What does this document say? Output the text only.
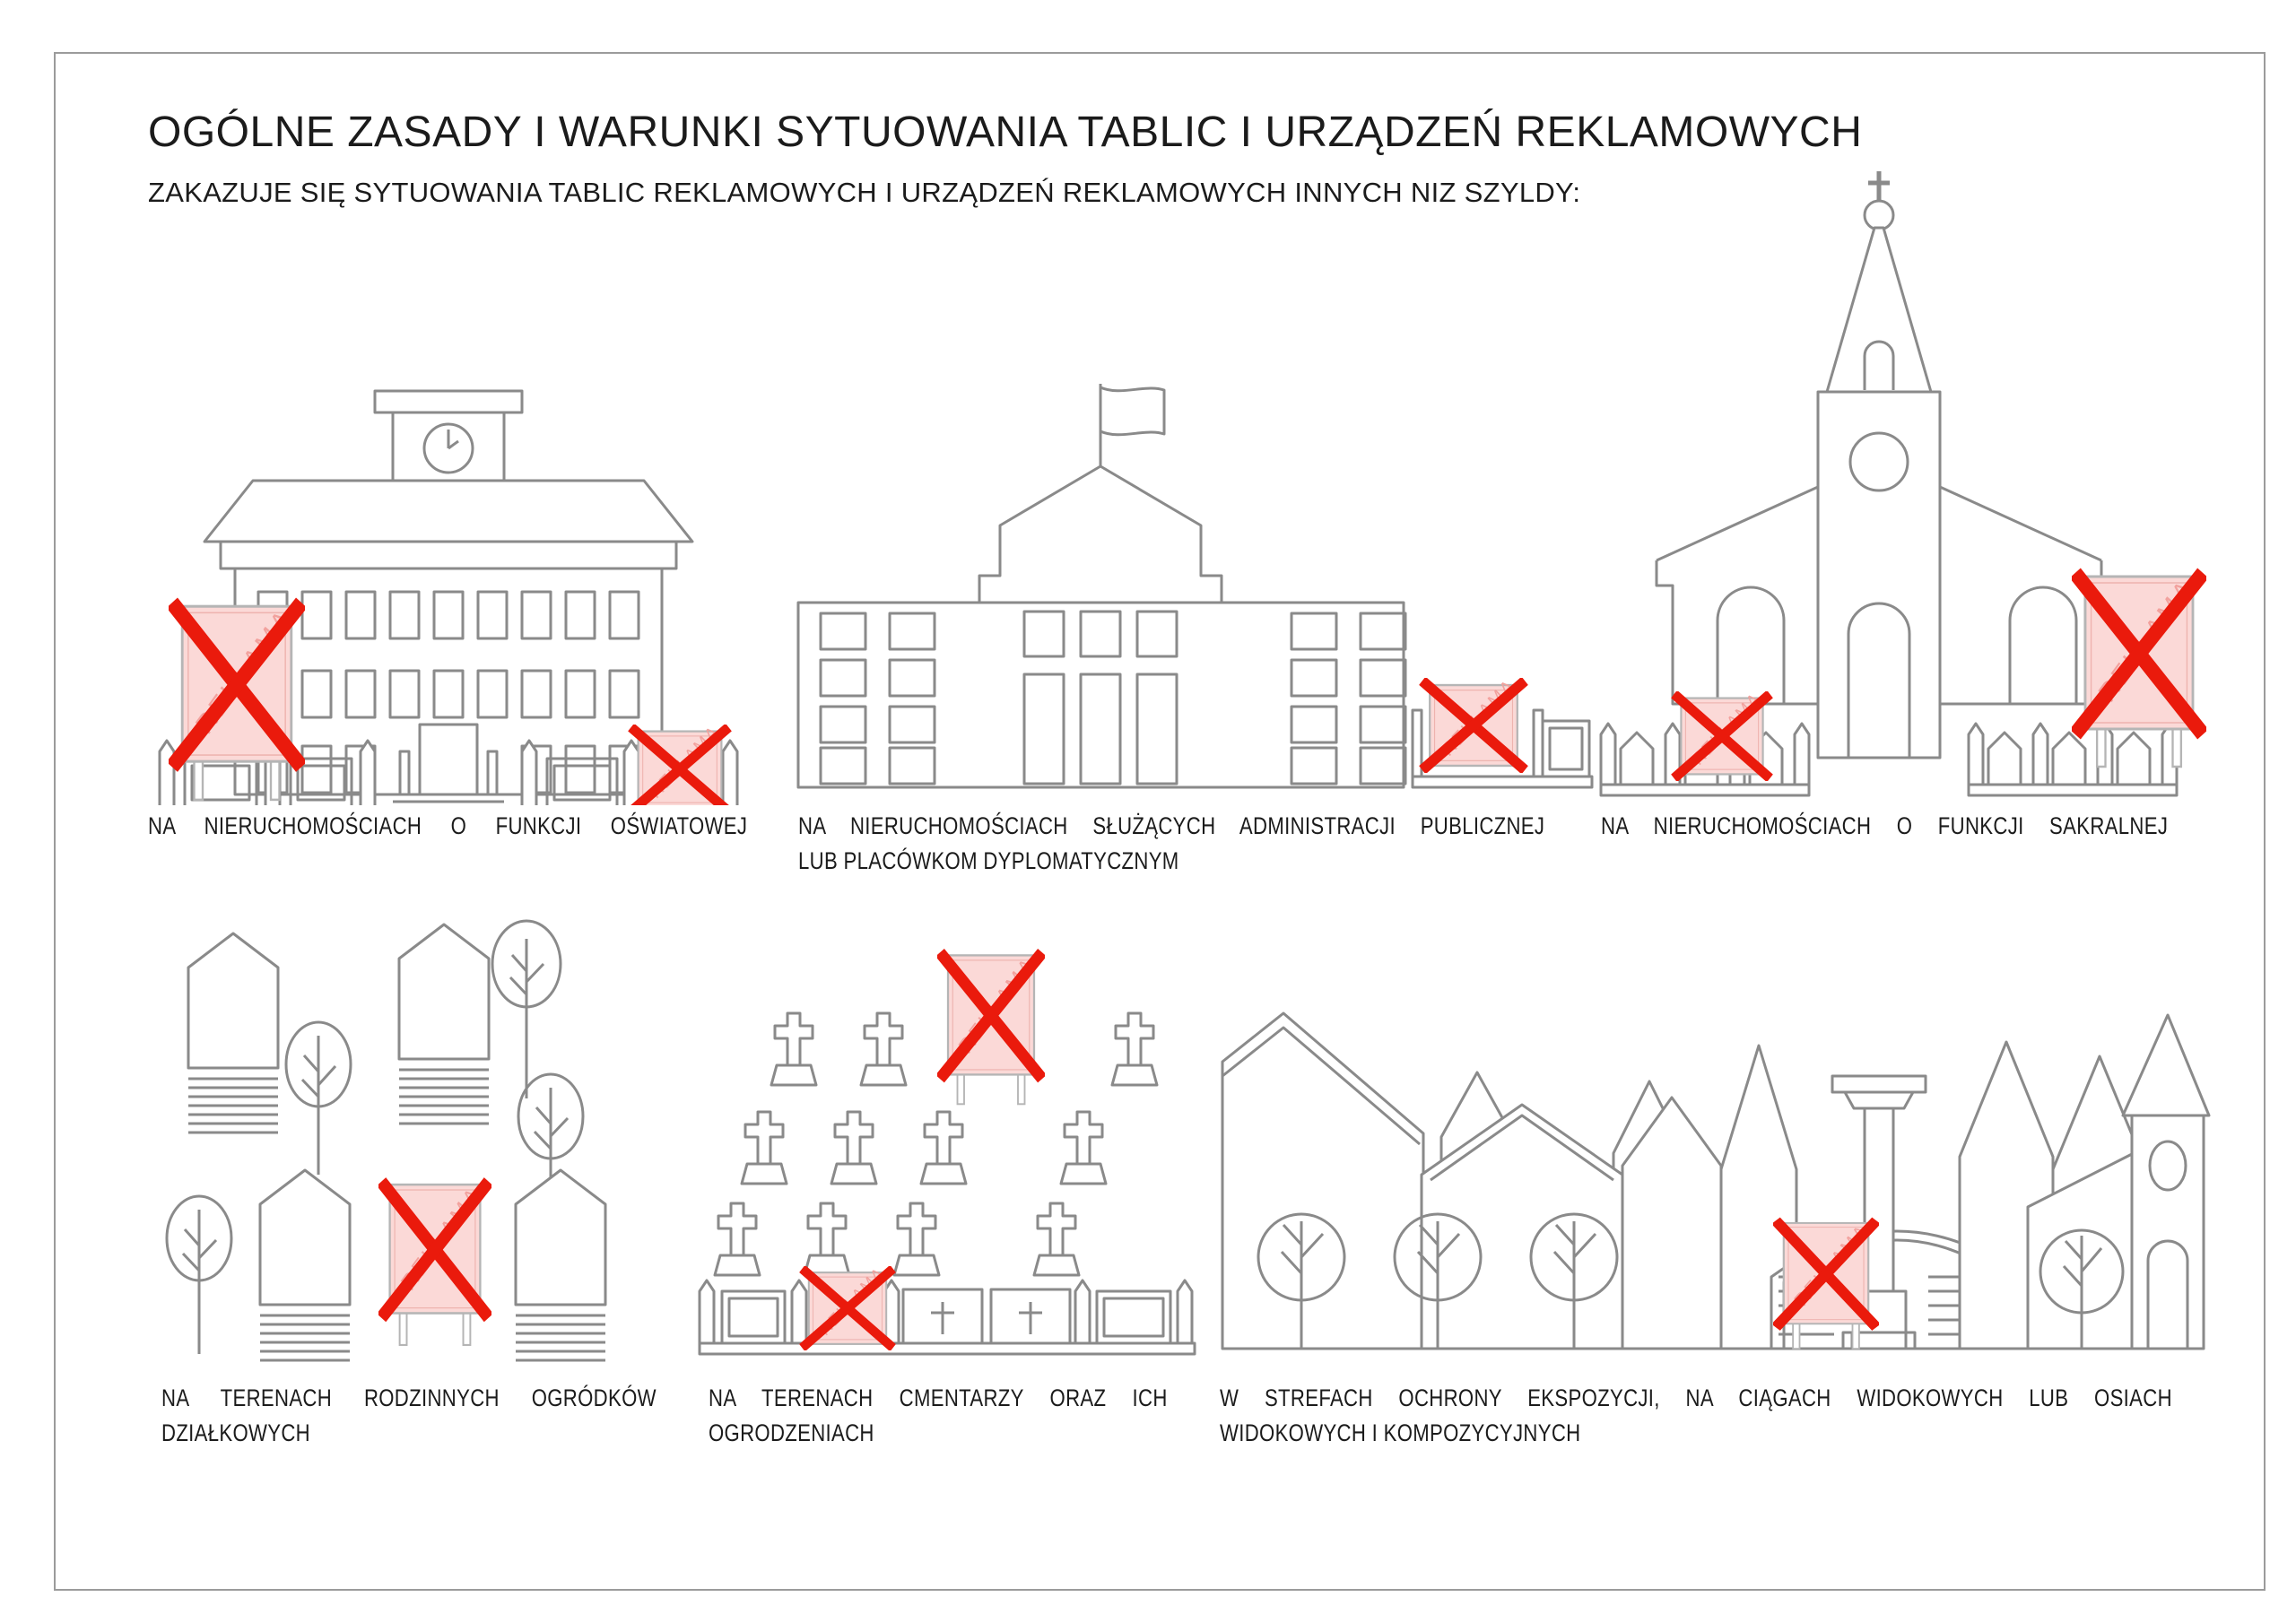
OGÓLNE ZASADY I WARUNKI SYTUOWANIA TABLIC I URZĄDZEŃ REKLAMOWYCH
ZAKAZUJE SIĘ SYTUOWANIA TABLIC REKLAMOWYCH I URZĄDZEŃ REKLAMOWYCH INNYCH NIZ SZYLDY:
NA NIERUCHOMOŚCIACH O FUNKCJI OŚWIATOWEJ NA NIERUCHOMOŚCIACH SŁUŻĄCYCH ADMINISTRACJI PUBLICZNEJ
LUB PLACÓWKOM DYPLOMATYCZNYM
NA NIERUCHOMOŚCIACH O FUNKCJI SAKRALNEJ
NA TERENACH RODZINNYCH OGRÓDKÓW
DZIAŁKOWYCH
NA TERENACH CMENTARZY ORAZ ICH
OGRODZENIACH
W STREFACH OCHRONY EKSPOZYCJI, NA CIĄGACH WIDOKOWYCH LUB OSIACH
WIDOKOWYCH I KOMPOZYCYJNYCH
